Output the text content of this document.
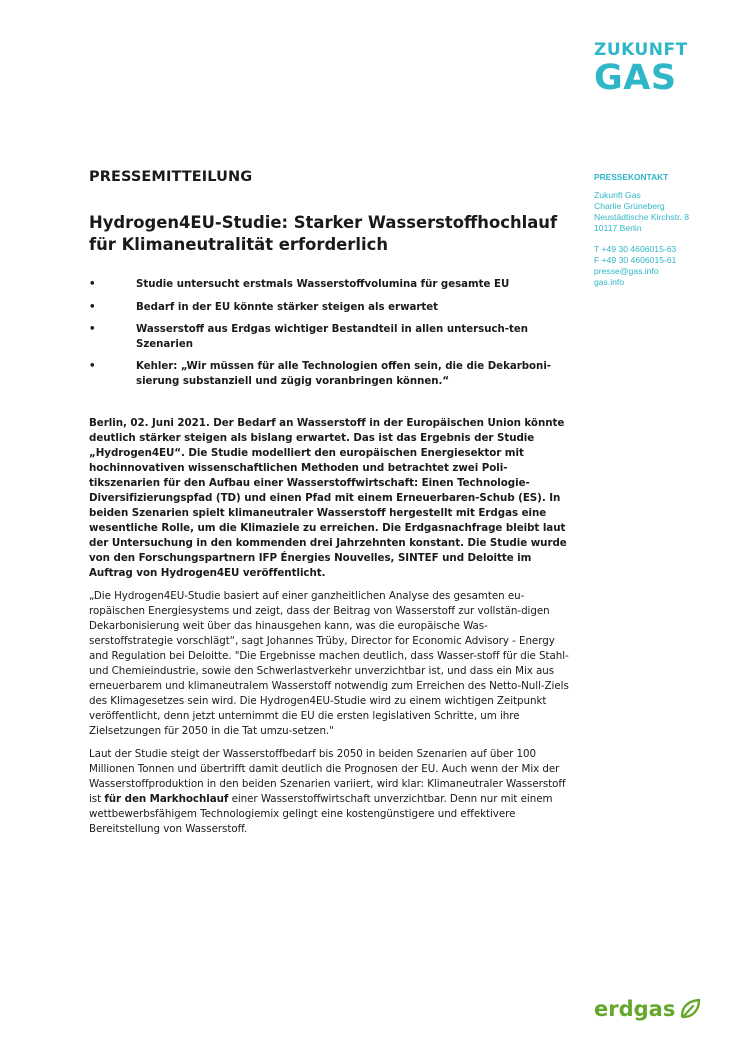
ZUKUNFT
GAS
PRESSEKONTAKT
Zukunft Gas
Charlie Grüneberg
Neustädtische Kirchstr. 8
10117 Berlin
T +49 30 4606015-63
F +49 30 4606015-61
presse@gas.info
gas.info
PRESSEMITTEILUNG
Hydrogen4EU-Studie: Starker Wasserstoffhochlauf für Klimaneutralität erforderlich
•	Studie untersucht erstmals Wasserstoffvolumina für gesamte EU
•	Bedarf in der EU könnte stärker steigen als erwartet
•	Wasserstoff aus Erdgas wichtiger Bestandteil in allen untersuch-ten Szenarien
•	Kehler: „Wir müssen für alle Technologien offen sein, die die Dekarboni-sierung substanziell und zügig voranbringen können.“

Berlin, 02. Juni 2021. Der Bedarf an Wasserstoff in der Europäischen Union könnte deutlich stärker steigen als bislang erwartet. Das ist das Ergebnis der Studie „Hydrogen4EU“. Die Studie modelliert den europäischen Energiesektor mit hochinnovativen wissenschaftlichen Methoden und betrachtet zwei Poli-tikszenarien für den Aufbau einer Wasserstoffwirtschaft: Einen Technologie-Diversifizierungspfad (TD) und einen Pfad mit einem Erneuerbaren-Schub (ES). In beiden Szenarien spielt klimaneutraler Wasserstoff hergestellt mit Erdgas eine wesentliche Rolle, um die Klimaziele zu erreichen. Die Erdgasnachfrage bleibt laut der Untersuchung in den kommenden drei Jahrzehnten konstant. Die Studie wurde von den Forschungspartnern IFP Énergies Nouvelles, SINTEF und Deloitte im Auftrag von Hydrogen4EU veröffentlicht.

„Die Hydrogen4EU-Studie basiert auf einer ganzheitlichen Analyse des gesamten eu-ropäischen Energiesystems und zeigt, dass der Beitrag von Wasserstoff zur vollstän-digen Dekarbonisierung weit über das hinausgehen kann, was die europäische Was-serstoffstrategie vorschlägt“, sagt Johannes Trüby, Director for Economic Advisory - Energy and Regulation bei Deloitte. "Die Ergebnisse machen deutlich, dass Wasser-stoff für die Stahl- und Chemieindustrie, sowie den Schwerlastverkehr unverzichtbar ist, und dass ein Mix aus erneuerbarem und klimaneutralem Wasserstoff notwendig zum Erreichen des Netto-Null-Ziels des Klimagesetzes sein wird. Die Hydrogen4EU-Studie wird zu einem wichtigen Zeitpunkt veröffentlicht, denn jetzt unternimmt die EU die ersten legislativen Schritte, um ihre Zielsetzungen für 2050 in die Tat umzu-setzen."

Laut der Studie steigt der Wasserstoffbedarf bis 2050 in beiden Szenarien auf über 100 Millionen Tonnen und übertrifft damit deutlich die Prognosen der EU. Auch wenn der Mix der Wasserstoffproduktion in den beiden Szenarien variiert, wird klar: Klimaneutraler Wasserstoff ist für den Markhochlauf einer Wasserstoffwirtschaft unverzichtbar. Denn nur mit einem wettbewerbsfähigem Technologiemix gelingt eine kostengünstigere und effektivere Bereitstellung von Wasserstoff.

erdgas
